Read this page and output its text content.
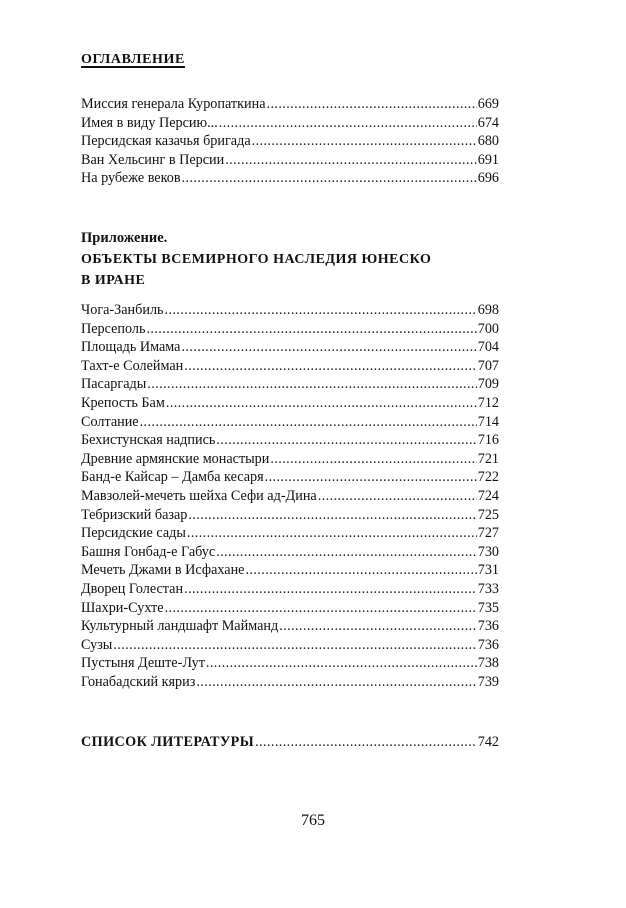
ОГЛАВЛЕНИЕ
Миссия генерала Куропаткина .....	669
Имея в виду Персию... .....	674
Персидская казачья бригада .....	680
Ван Хельсинг в Персии .....	691
На рубеже веков .....	696
Приложение.
ОБЪЕКТЫ ВСЕМИРНОГО НАСЛЕДИЯ ЮНЕСКО
В ИРАНЕ
Чога-Занбиль .....	698
Персеполь .....	700
Площадь Имама .....	704
Тахт-е Солейман .....	707
Пасаргады .....	709
Крепость Бам .....	712
Солтание .....	714
Бехистунская надпись .....	716
Древние армянские монастыри .....	721
Банд-е Кайсар – Дамба кесаря .....	722
Мавзолей-мечеть шейха Сефи ад-Дина .....	724
Тебризский базар .....	725
Персидские сады .....	727
Башня Гонбад-е Габус .....	730
Мечеть Джами в Исфахане .....	731
Дворец Голестан .....	733
Шахри-Сухте .....	735
Культурный ландшафт Майманд .....	736
Сузы .....	736
Пустыня Деште-Лут .....	738
Гонабадский кяриз .....	739
СПИСОК ЛИТЕРАТУРЫ .....	742
765
